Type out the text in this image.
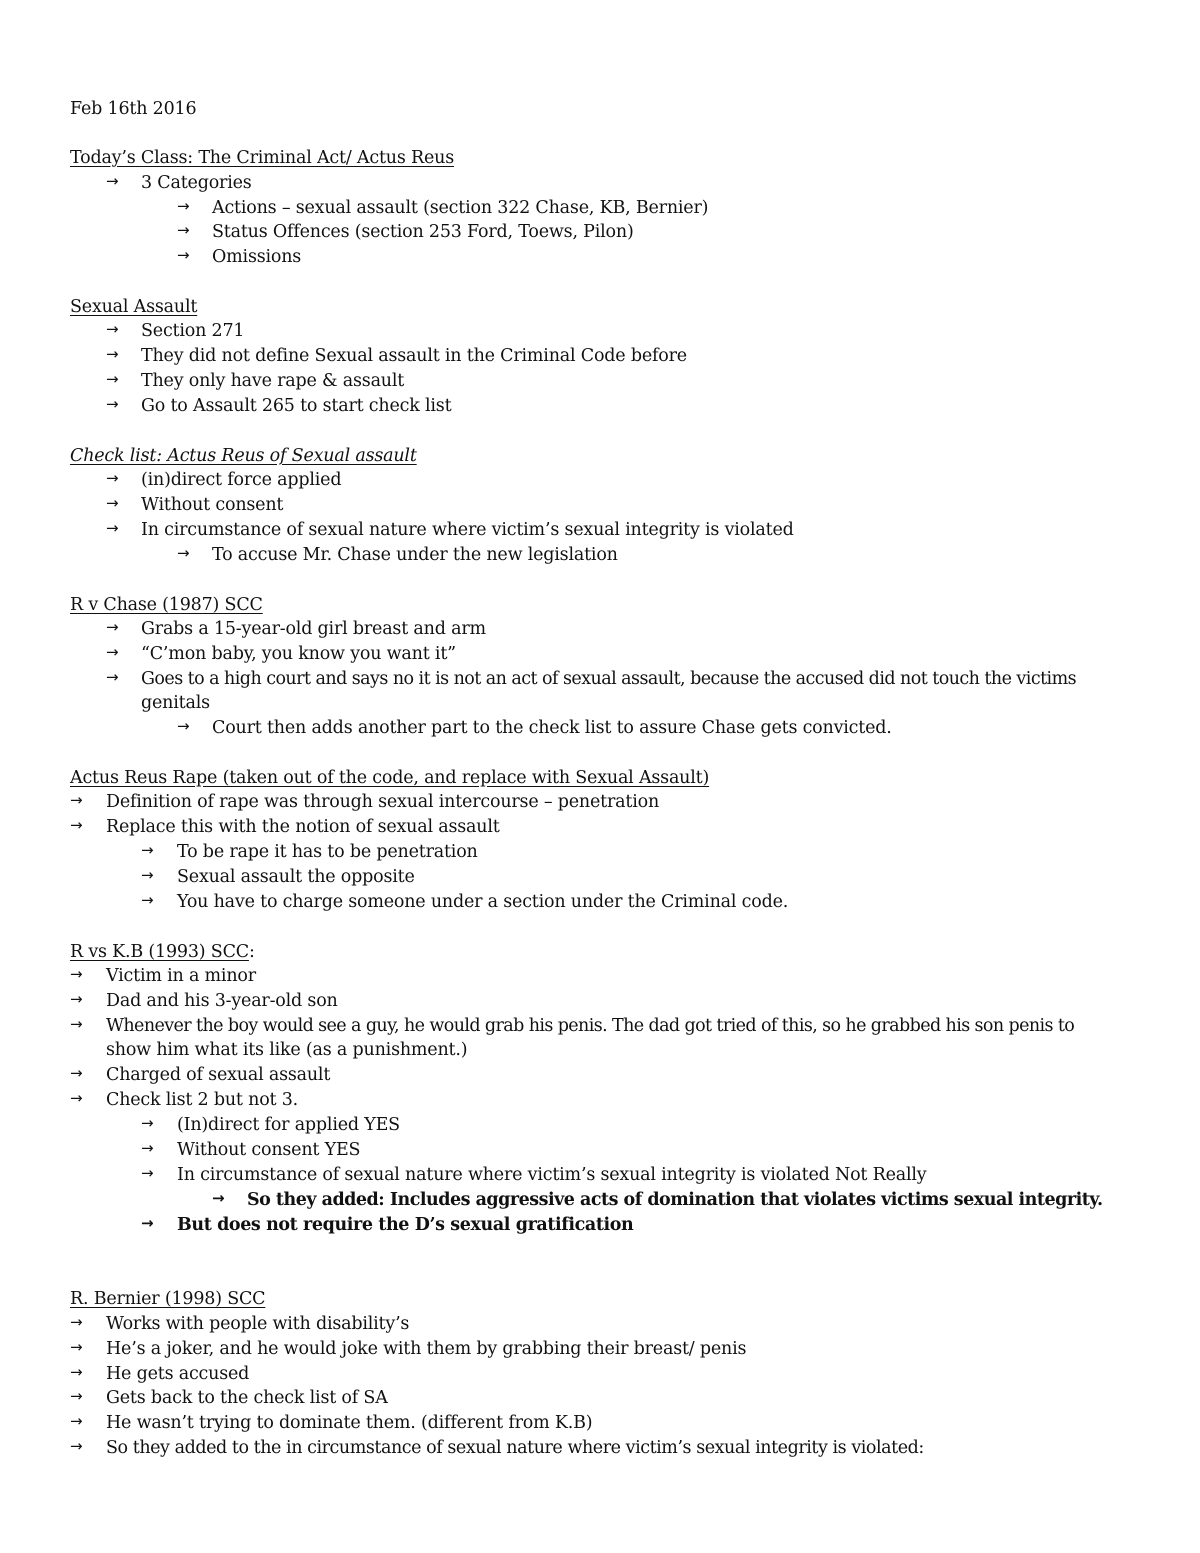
Feb 16th 2016
Today’s Class: The Criminal Act/ Actus Reus
→	3 Categories
→	Actions – sexual assault (section 322 Chase, KB, Bernier)
→	Status Offences (section 253 Ford, Toews, Pilon)
→	Omissions
Sexual Assault
→	Section 271
→	They did not define Sexual assault in the Criminal Code before
→	They only have rape & assault
→	Go to Assault 265 to start check list
Check list: Actus Reus of Sexual assault
→	(in)direct force applied
→	Without consent
→	In circumstance of sexual nature where victim’s sexual integrity is violated
→	To accuse Mr. Chase under the new legislation
R v Chase (1987) SCC
→	Grabs a 15-year-old girl breast and arm
→	“C’mon baby, you know you want it”
→	Goes to a high court and says no it is not an act of sexual assault, because the accused did not touch the victims
genitals
→	Court then adds another part to the check list to assure Chase gets convicted.
Actus Reus Rape (taken out of the code, and replace with Sexual Assault)
→	Definition of rape was through sexual intercourse – penetration
→	Replace this with the notion of sexual assault
→	To be rape it has to be penetration
→	Sexual assault the opposite
→	You have to charge someone under a section under the Criminal code.
R vs K.B (1993) SCC:
→	Victim in a minor
→	Dad and his 3-year-old son
→	Whenever the boy would see a guy, he would grab his penis. The dad got tried of this, so he grabbed his son penis to
show him what its like (as a punishment.)
→	Charged of sexual assault
→	Check list 2 but not 3.
→	(In)direct for applied YES
→	Without consent YES
→	In circumstance of sexual nature where victim’s sexual integrity is violated Not Really
→	So they added: Includes aggressive acts of domination that violates victims sexual integrity.
→	But does not require the D’s sexual gratification
R. Bernier (1998) SCC
→	Works with people with disability’s
→	He’s a joker, and he would joke with them by grabbing their breast/ penis
→	He gets accused
→	Gets back to the check list of SA
→	He wasn’t trying to dominate them. (different from K.B)
→	So they added to the in circumstance of sexual nature where victim’s sexual integrity is violated:
